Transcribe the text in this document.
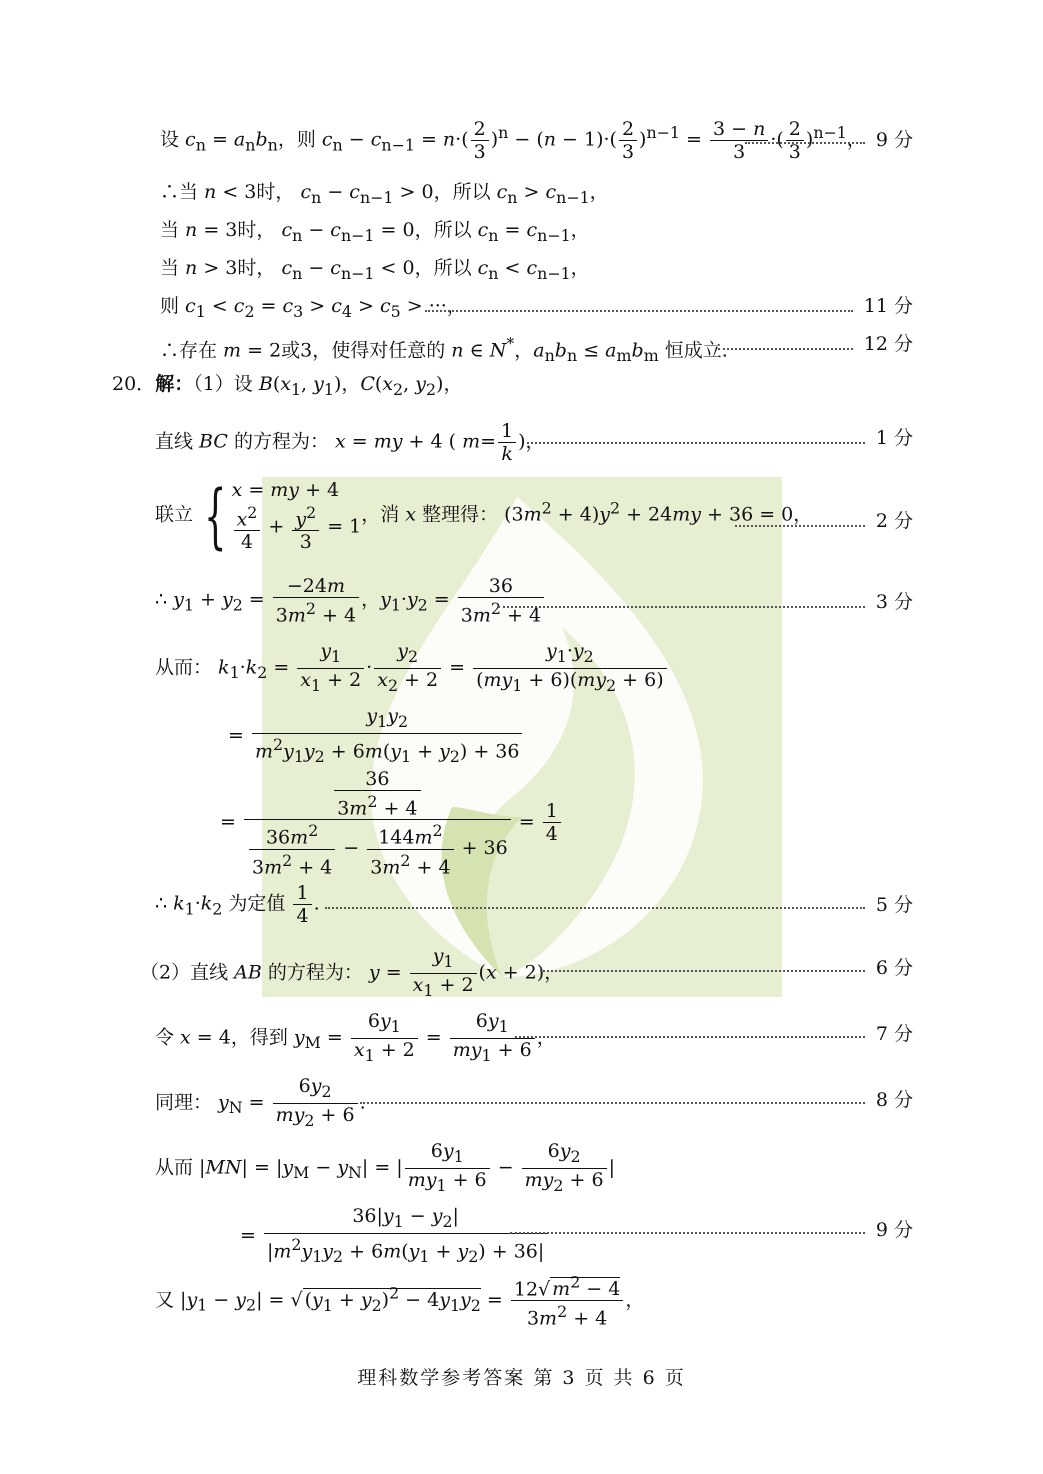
设 $c_n = a_nb_n$，则 $c_n - c_{n-1} = n\cdot( \frac{2}{3} )^n - (n - 1)\cdot( \frac{2}{3} )^{n-1} = \frac{3 - n}{3}$ ·( $\frac{2}{3} )^{n-1}$， 9 分
∴当 n < 3时， $c_n - c_{n-1} > 0$，所以 $c_n > c_{n-1}$，
当 n = 3时， $c_n - c_{n-1} = 0$，所以 $c_n = c_{n-1}$，
当 n > 3时， $c_n - c_{n-1} < 0$，所以 $c_n < c_{n-1}$，
则 $c_1 < c_2 = c_3 > c_4 > c_5$ > ···，	11 分
∴存在 m = 2或3，使得对任意的 n ∈ N*，$a_nb_n \le a_mb_m$ 恒成立.	12 分
20．解：（1）设 $B(x_1$, $y_1$)，$C(x_2$, $y_2$)，
直线 BC 的方程为： x = my + 4 ( $m= \frac{1}{k}$ )，	1 分
联立 { x = my + 4
$\frac{x^2}{4} + \frac{y^2}{3} = 1$
，消 x 整理得： $(3m^2 + 4)y^2 + 24my + 36 = 0$，	2 分
∴ $y_1 + y_2 = \frac{-24m}{3m^2 + 4}$ ，$y_1\cdot y_2 = \frac{36}{3m^2 + 4}$	3 分
从而： $k_1\cdot k_2 = \frac{y_1}{x_1 + 2} \cdot \frac{y_2}{x_2 + 2} = \frac{y_1\cdot y_2}{(my_1 + 6)(my_2 + 6)}$
= $\frac{y_1y_2}{m^2y_1y_2 + 6m(y_1 + y_2) + 36}$
= $\frac{\frac{36}{3m^2 + 4}}{\frac{36m^2}{3m^2 + 4} - \frac{144m^2}{3m^2 + 4} + 36} = \frac{1}{4}$
∴ $k_1\cdot k_2$ 为定值 $\frac{1}{4}$ .	5 分
（2）直线 AB 的方程为： $y = \frac{y_1}{x_1 + 2} (x + 2)$，	6 分
令 x = 4，得到 $y_M = \frac{6y_1}{x_1 + 2} = \frac{6y_1}{my_1 + 6}$ ，	7 分
同理： $y_N = \frac{6y_2}{my_2 + 6}$ .	8 分
从而 $|MN| = |y_M - y_N|$ = | $\frac{6y_1}{my_1 + 6} - \frac{6y_2}{my_2 + 6}$ |
= $\frac{36|y_1 - y_2|}{|m^2y_1y_2 + 6m(y_1 + y_2) + 36|}$	9 分
又 $|y_1 - y_2|$ = √ $(y_1 + y_2)^2 - 4y_1y_2 = \frac{12√ m^2 - 4}{3m^2 + 4}$ ，
理科数学参考答案 第 3 页 共 6 页
